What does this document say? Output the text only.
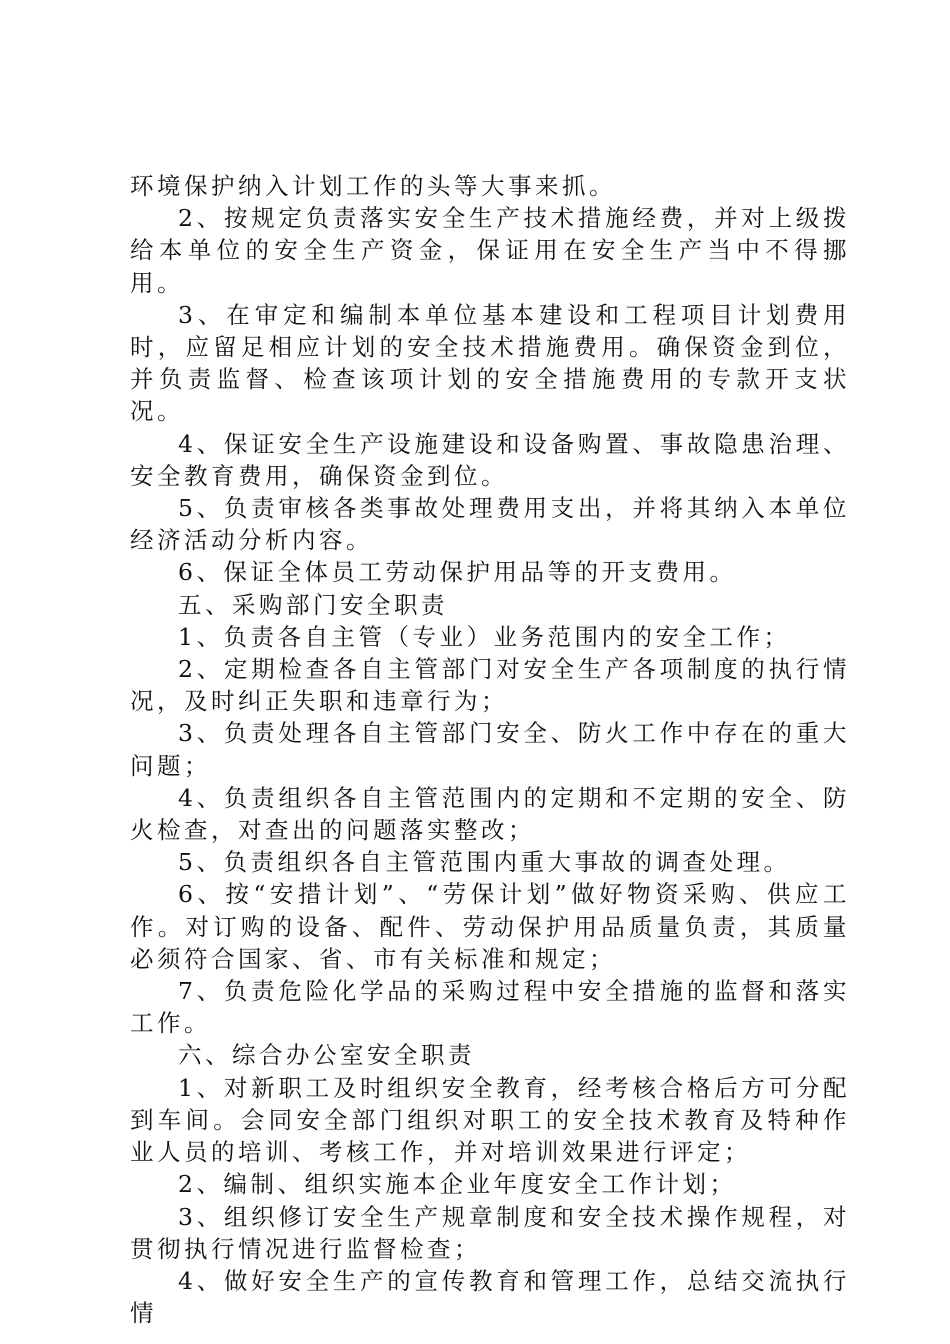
环境保护纳入计划工作的头等大事来抓。

2、按规定负责落实安全生产技术措施经费，并对上级拨给本单位的安全生产资金，保证用在安全生产当中不得挪用。

3、在审定和编制本单位基本建设和工程项目计划费用时，应留足相应计划的安全技术措施费用。确保资金到位，并负责监督、检查该项计划的安全措施费用的专款开支状况。

4、保证安全生产设施建设和设备购置、事故隐患治理、安全教育费用，确保资金到位。

5、负责审核各类事故处理费用支出，并将其纳入本单位经济活动分析内容。

6、保证全体员工劳动保护用品等的开支费用。

五、采购部门安全职责

1、负责各自主管（专业）业务范围内的安全工作；

2、定期检查各自主管部门对安全生产各项制度的执行情况，及时纠正失职和违章行为；

3、负责处理各自主管部门安全、防火工作中存在的重大问题；

4、负责组织各自主管范围内的定期和不定期的安全、防火检查，对查出的问题落实整改；

5、负责组织各自主管范围内重大事故的调查处理。

6、按“安措计划”、“劳保计划”做好物资采购、供应工作。对订购的设备、配件、劳动保护用品质量负责，其质量必须符合国家、省、市有关标准和规定；

7、负责危险化学品的采购过程中安全措施的监督和落实工作。

六、综合办公室安全职责

1、对新职工及时组织安全教育，经考核合格后方可分配到车间。会同安全部门组织对职工的安全技术教育及特种作业人员的培训、考核工作，并对培训效果进行评定；

2、编制、组织实施本企业年度安全工作计划；

3、组织修订安全生产规章制度和安全技术操作规程，对贯彻执行情况进行监督检查；

4、做好安全生产的宣传教育和管理工作，总结交流执行情
